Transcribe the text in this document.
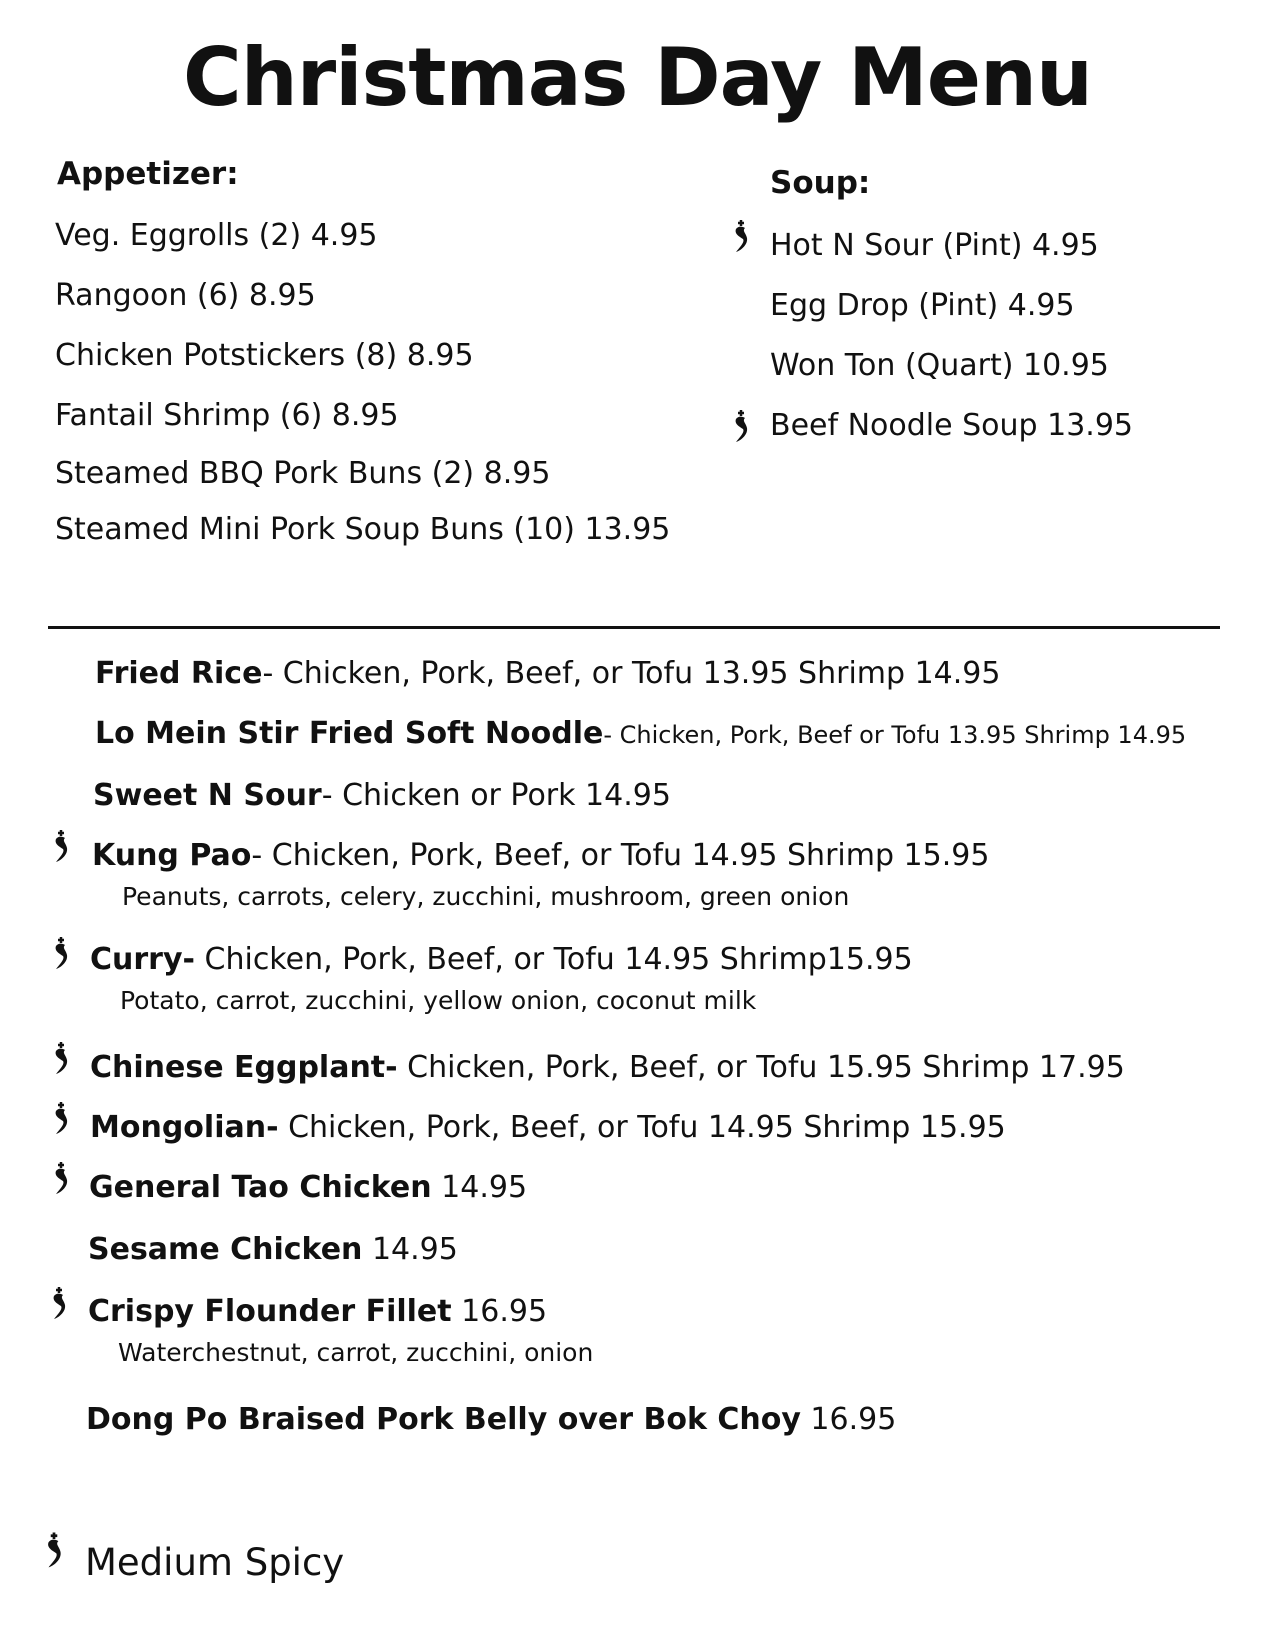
Christmas Day Menu
Appetizer:
Veg. Eggrolls (2) 4.95
Rangoon (6) 8.95
Chicken Potstickers (8) 8.95
Fantail Shrimp (6) 8.95
Steamed BBQ Pork Buns (2) 8.95
Steamed Mini Pork Soup Buns (10) 13.95
Soup:
Hot N Sour (Pint) 4.95
Egg Drop (Pint) 4.95
Won Ton (Quart) 10.95
Beef Noodle Soup 13.95
Fried Rice- Chicken, Pork, Beef, or Tofu 13.95 Shrimp 14.95
Lo Mein Stir Fried Soft Noodle- Chicken, Pork, Beef or Tofu 13.95 Shrimp 14.95
Sweet N Sour- Chicken or Pork 14.95
Kung Pao- Chicken, Pork, Beef, or Tofu 14.95 Shrimp 15.95
Peanuts, carrots, celery, zucchini, mushroom, green onion
Curry- Chicken, Pork, Beef, or Tofu 14.95 Shrimp15.95
Potato, carrot, zucchini, yellow onion, coconut milk
Chinese Eggplant- Chicken, Pork, Beef, or Tofu 15.95 Shrimp 17.95
Mongolian- Chicken, Pork, Beef, or Tofu 14.95 Shrimp 15.95
General Tao Chicken 14.95
Sesame Chicken 14.95
Crispy Flounder Fillet 16.95
Waterchestnut, carrot, zucchini, onion
Dong Po Braised Pork Belly over Bok Choy 16.95
Medium Spicy
